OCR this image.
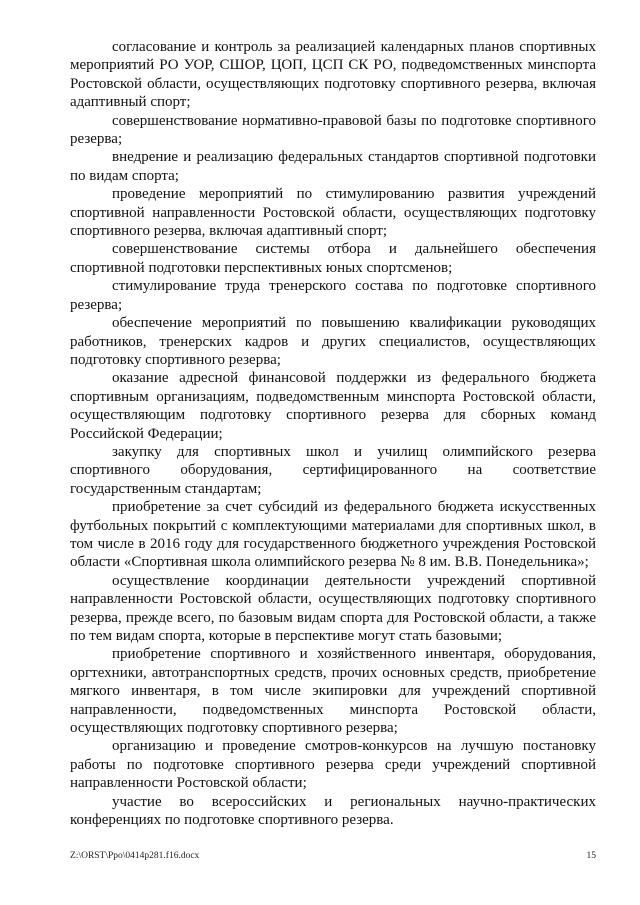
согласование и контроль за реализацией календарных планов спортивных мероприятий РО УОР, СШОР, ЦОП, ЦСП СК РО, подведомственных минспорта Ростовской области, осуществляющих подготовку спортивного резерва, включая адаптивный спорт;

совершенствование нормативно-правовой базы по подготовке спортивного резерва;

внедрение и реализацию федеральных стандартов спортивной подготовки по видам спорта;

проведение мероприятий по стимулированию развития учреждений спортивной направленности Ростовской области, осуществляющих подготовку спортивного резерва, включая адаптивный спорт;

совершенствование системы отбора и дальнейшего обеспечения спортивной подготовки перспективных юных спортсменов;

стимулирование труда тренерского состава по подготовке спортивного резерва;

обеспечение мероприятий по повышению квалификации руководящих работников, тренерских кадров и других специалистов, осуществляющих подготовку спортивного резерва;

оказание адресной финансовой поддержки из федерального бюджета спортивным организациям, подведомственным минспорта Ростовской области, осуществляющим подготовку спортивного резерва для сборных команд Российской Федерации;

закупку для спортивных школ и училищ олимпийского резерва спортивного оборудования, сертифицированного на соответствие государственным стандартам;

приобретение за счет субсидий из федерального бюджета искусственных футбольных покрытий с комплектующими материалами для спортивных школ, в том числе в 2016 году для государственного бюджетного учреждения Ростовской области «Спортивная школа олимпийского резерва № 8 им. В.В. Понедельника»;

осуществление координации деятельности учреждений спортивной направленности Ростовской области, осуществляющих подготовку спортивного резерва, прежде всего, по базовым видам спорта для Ростовской области, а также по тем видам спорта, которые в перспективе могут стать базовыми;

приобретение спортивного и хозяйственного инвентаря, оборудования, оргтехники, автотранспортных средств, прочих основных средств, приобретение мягкого инвентаря, в том числе экипировки для учреждений спортивной направленности, подведомственных минспорта Ростовской области, осуществляющих подготовку спортивного резерва;

организацию и проведение смотров-конкурсов на лучшую постановку работы по подготовке спортивного резерва среди учреждений спортивной направленности Ростовской области;

участие во всероссийских и региональных научно-практических конференциях по подготовке спортивного резерва.

Z:\ORST\Ppo\0414p281.f16.docx	15
